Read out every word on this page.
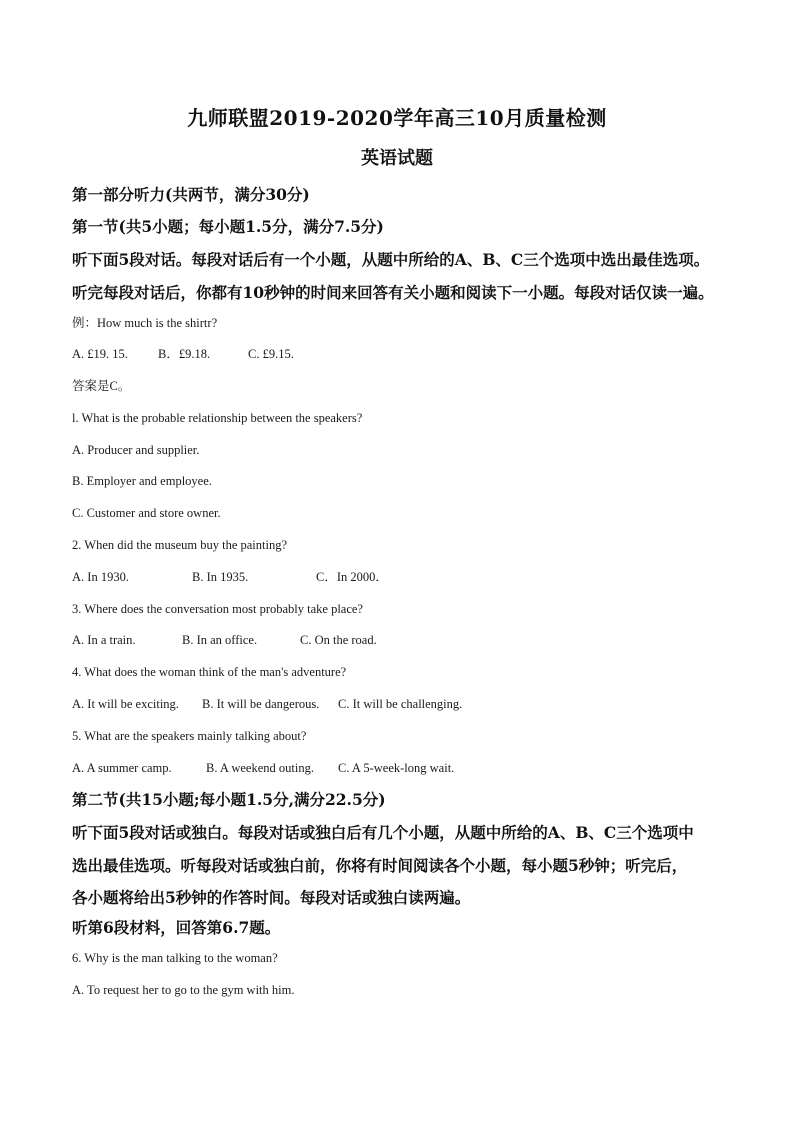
九师联盟2019-2020学年高三10月质量检测
英语试题
第一部分听力(共两节，满分30分)
第一节(共5小题；每小题1.5分，满分7.5分)
听下面5段对话。每段对话后有一个小题，从题中所给的A、B、C三个选项中选出最佳选项。
听完每段对话后，你都有10秒钟的时间来回答有关小题和阅读下一小题。每段对话仅读一遍。
例：How much is the shirtr?
A. £19. 15. B．£9.18.	C. £9.15.
答案是C。
l. What is the probable relationship between the speakers?
A. Producer and supplier.
B. Employer and employee.
C. Customer and store owner.
2. When did the museum buy the painting?
A. In 1930.	B. In 1935.	C．In 2000．
3. Where does the conversation most probably take place?
A. In a train.	B. In an office.	C. On the road.
4. What does the woman think of the man's adventure?
A. It will be exciting. B. It will be dangerous. C. It will be challenging.
5. What are the speakers mainly talking about?
A. A summer camp.	B. A weekend outing. C. A 5-week-long wait.
第二节(共15小题;每小题1.5分,满分22.5分)
听下面5段对话或独白。每段对话或独白后有几个小题，从题中所给的A、B、C三个选项中
选出最佳选项。听每段对话或独白前，你将有时间阅读各个小题，每小题5秒钟；听完后，
各小题将给出5秒钟的作答时间。每段对话或独白读两遍。
听第6段材料，回答第6.7题。
6. Why is the man talking to the woman?
A. To request her to go to the gym with him.
